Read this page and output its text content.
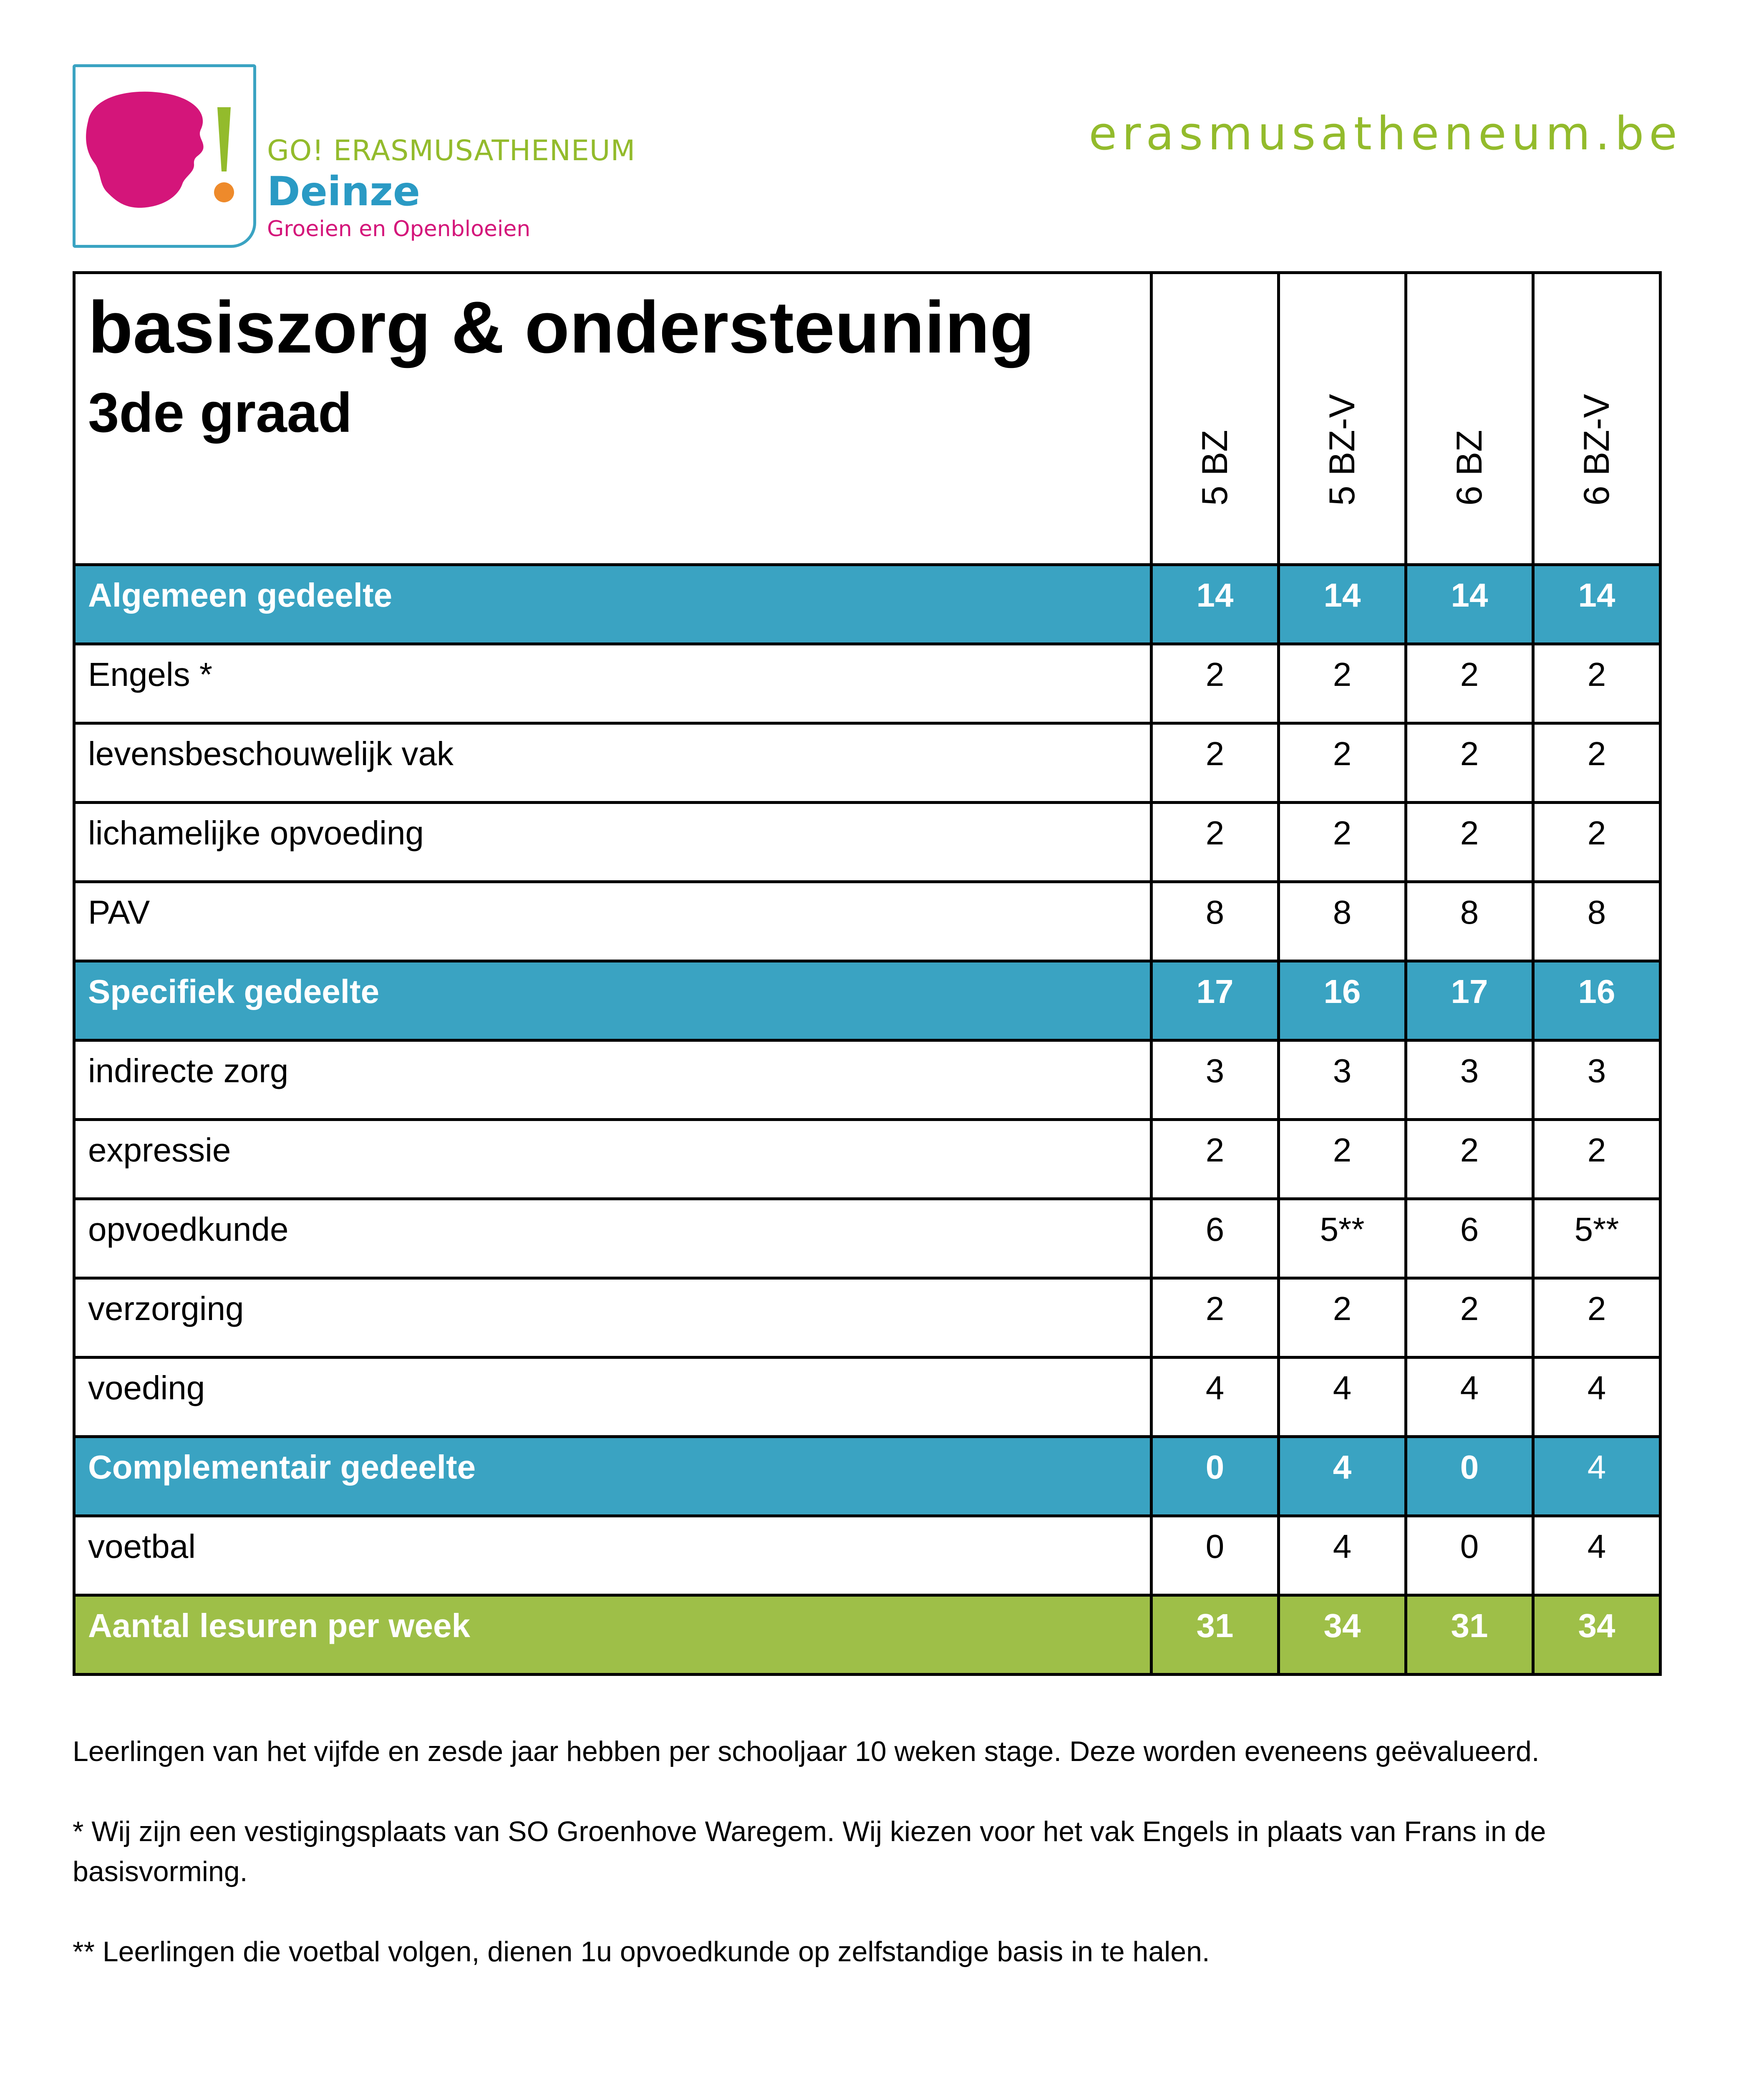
GO! ERASMUSATHENEUM
Deinze
Groeien en Openbloeien
erasmusatheneum.be
basiszorg & ondersteuning
3de graad	5 BZ	5 BZ-V	6 BZ	6 BZ-V

Algemeen gedeelte	14	14	14	14
Engels *	2	2	2	2
levensbeschouwelijk vak	2	2	2	2
lichamelijke opvoeding	2	2	2	2
PAV	8	8	8	8
Specifiek gedeelte	17	16	17	16
indirecte zorg	3	3	3	3
expressie	2	2	2	2
opvoedkunde	6	5**	6	5**
verzorging	2	2	2	2
voeding	4	4	4	4
Complementair gedeelte	0	4	0	4
voetbal	0	4	0	4
Aantal lesuren per week	31	34	31	34

Leerlingen van het vijfde en zesde jaar hebben per schooljaar 10 weken stage. Deze worden eveneens geëvalueerd.

* Wij zijn een vestigingsplaats van SO Groenhove Waregem. Wij kiezen voor het vak Engels in plaats van Frans in de basisvorming.

** Leerlingen die voetbal volgen, dienen 1u opvoedkunde op zelfstandige basis in te halen.
